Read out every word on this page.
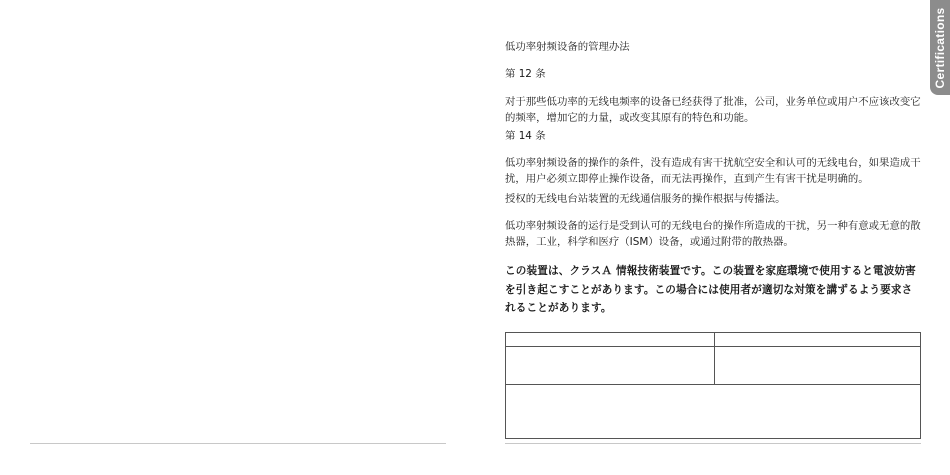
低功率射频设备的管理办法

第 12 条

对于那些低功率的无线电频率的设备已经获得了批准，公司，业务单位或用户不应该改变它的频率，增加它的力量，或改变其原有的特色和功能。

第 14 条

低功率射频设备的操作的条件，没有造成有害干扰航空安全和认可的无线电台，如果造成干扰，用户必须立即停止操作设备，而无法再操作，直到产生有害干扰是明确的。

授权的无线电台站装置的无线通信服务的操作根据与传播法。

低功率射频设备的运行是受到认可的无线电台的操作所造成的干扰，另一种有意或无意的散热器，工业，科学和医疗（ISM）设备，或通过附带的散热器。

この装置は、クラスＡ 情報技術装置です。この装置を家庭環境で使用すると電波妨害を引き起こすことがあります。この場合には使用者が適切な対策を講ずるよう要求されることがあります。

Certifications
